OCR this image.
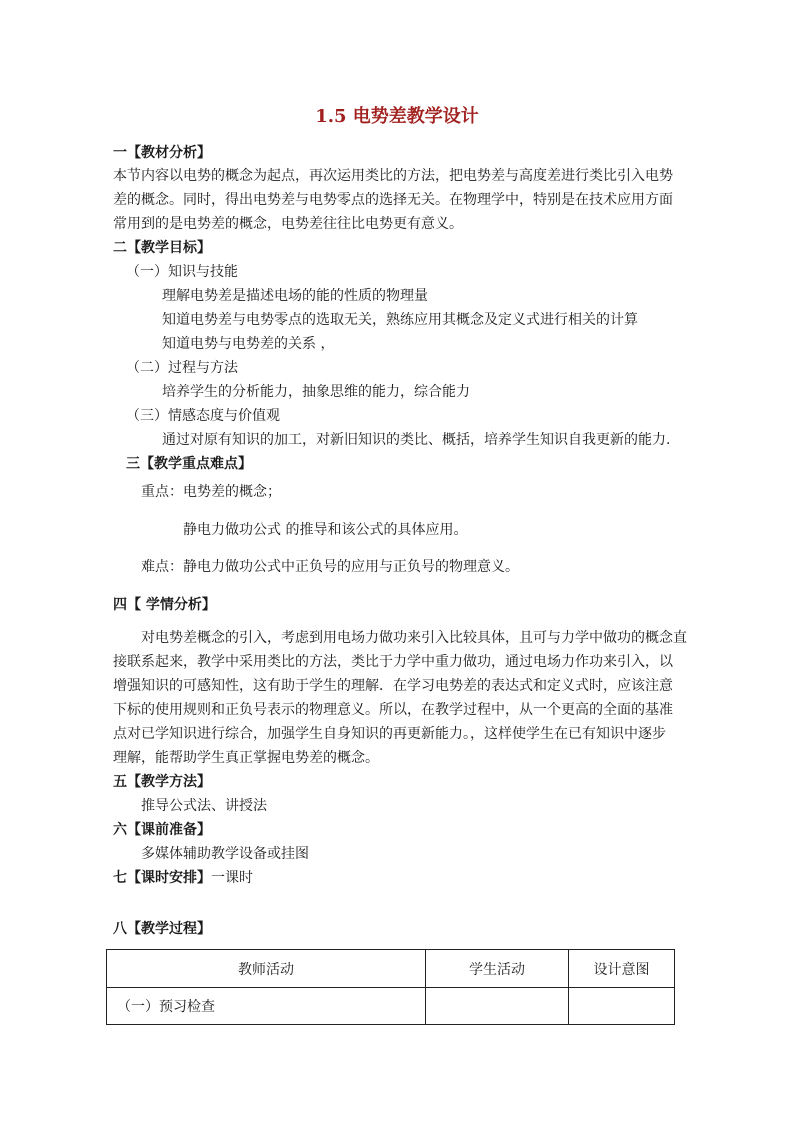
1.5 电势差教学设计
一【教材分析】
本节内容以电势的概念为起点，再次运用类比的方法，把电势差与高度差进行类比引入电势
差的概念。同时，得出电势差与电势零点的选择无关。在物理学中，特别是在技术应用方面
常用到的是电势差的概念，电势差往往比电势更有意义。
二【教学目标】
（一）知识与技能
理解电势差是描述电场的能的性质的物理量
知道电势差与电势零点的选取无关，熟练应用其概念及定义式进行相关的计算
知道电势与电势差的关系 ，
（二）过程与方法
培养学生的分析能力，抽象思维的能力，综合能力
（三）情感态度与价值观
通过对原有知识的加工，对新旧知识的类比、概括，培养学生知识自我更新的能力.
三【教学重点难点】
重点：电势差的概念；
静电力做功公式 的推导和该公式的具体应用。
难点：静电力做功公式中正负号的应用与正负号的物理意义。
四【 学情分析】
对电势差概念的引入，考虑到用电场力做功来引入比较具体，且可与力学中做功的概念直
接联系起来，教学中采用类比的方法，类比于力学中重力做功，通过电场力作功来引入，以
增强知识的可感知性，这有助于学生的理解．在学习电势差的表达式和定义式时，应该注意
下标的使用规则和正负号表示的物理意义。所以，在教学过程中，从一个更高的全面的基准
点对已学知识进行综合，加强学生自身知识的再更新能力。，这样使学生在已有知识中逐步
理解，能帮助学生真正掌握电势差的概念。
五【教学方法】
推导公式法、讲授法
六【课前准备】
多媒体辅助教学设备或挂图
七【课时安排】一课时
八【教学过程】
教师活动	学生活动	设计意图
（一）预习检查		
